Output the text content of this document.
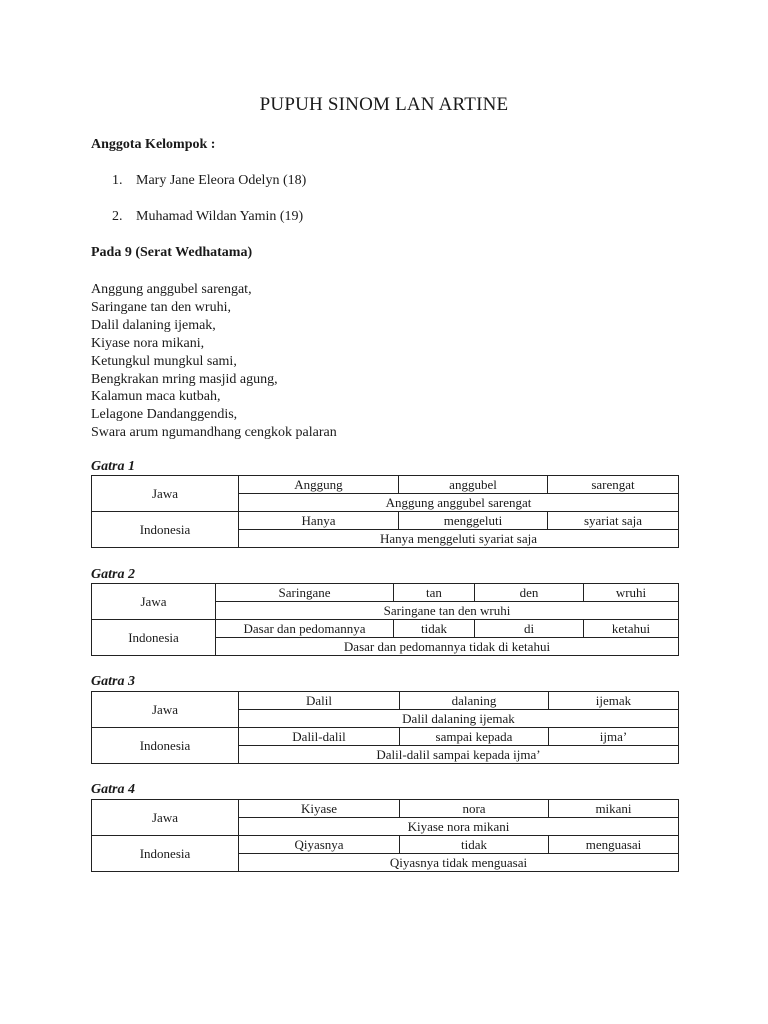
PUPUH SINOM LAN ARTINE
Anggota Kelompok :
1. Mary Jane Eleora Odelyn (18)
2. Muhamad Wildan Yamin (19)
Pada 9 (Serat Wedhatama)
Anggung anggubel sarengat,
Saringane tan den wruhi,
Dalil dalaning ijemak,
Kiyase nora mikani,
Ketungkul mungkul sami,
Bengkrakan mring masjid agung,
Kalamun maca kutbah,
Lelagone Dandanggendis,
Swara arum ngumandhang cengkok palaran
Gatra 1
Jawa	Anggung	anggubel	sarengat
	Anggung anggubel sarengat		
Indonesia	Hanya	menggeluti	syariat saja
	Hanya menggeluti syariat saja		
Gatra 2
Jawa	Saringane	tan	den	wruhi
	Saringane tan den wruhi			
Indonesia	Dasar dan pedomannya	tidak	di	ketahui
	Dasar dan pedomannya tidak di ketahui			
Gatra 3
Jawa	Dalil	dalaning	ijemak
	Dalil dalaning ijemak		
Indonesia	Dalil-dalil	sampai kepada	ijma’
	Dalil-dalil sampai kepada ijma’		
Gatra 4
Jawa	Kiyase	nora	mikani
	Kiyase nora mikani		
Indonesia	Qiyasnya	tidak	menguasai
	Qiyasnya tidak menguasai		
